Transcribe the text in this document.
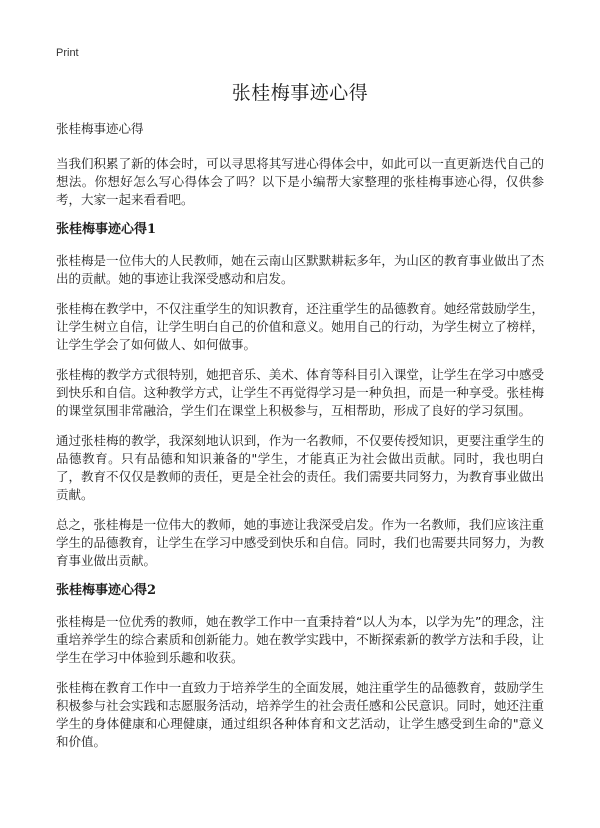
Print
张桂梅事迹心得
张桂梅事迹心得

当我们积累了新的体会时，可以寻思将其写进心得体会中，如此可以一直更新迭代自己的想法。你想好怎么写心得体会了吗？以下是小编帮大家整理的张桂梅事迹心得，仅供参考，大家一起来看看吧。

张桂梅事迹心得1

张桂梅是一位伟大的人民教师，她在云南山区默默耕耘多年，为山区的教育事业做出了杰出的贡献。她的事迹让我深受感动和启发。

张桂梅在教学中，不仅注重学生的知识教育，还注重学生的品德教育。她经常鼓励学生，让学生树立自信，让学生明白自己的价值和意义。她用自己的行动，为学生树立了榜样，让学生学会了如何做人、如何做事。

张桂梅的教学方式很特别，她把音乐、美术、体育等科目引入课堂，让学生在学习中感受到快乐和自信。这种教学方式，让学生不再觉得学习是一种负担，而是一种享受。张桂梅的课堂氛围非常融洽，学生们在课堂上积极参与，互相帮助，形成了良好的学习氛围。

通过张桂梅的教学，我深刻地认识到，作为一名教师，不仅要传授知识，更要注重学生的品德教育。只有品德和知识兼备的"学生，才能真正为社会做出贡献。同时，我也明白了，教育不仅仅是教师的责任，更是全社会的责任。我们需要共同努力，为教育事业做出贡献。

总之，张桂梅是一位伟大的教师，她的事迹让我深受启发。作为一名教师，我们应该注重学生的品德教育，让学生在学习中感受到快乐和自信。同时，我们也需要共同努力，为教育事业做出贡献。

张桂梅事迹心得2

张桂梅是一位优秀的教师，她在教学工作中一直秉持着“以人为本，以学为先”的理念，注重培养学生的综合素质和创新能力。她在教学实践中，不断探索新的教学方法和手段，让学生在学习中体验到乐趣和收获。

张桂梅在教育工作中一直致力于培养学生的全面发展，她注重学生的品德教育，鼓励学生积极参与社会实践和志愿服务活动，培养学生的社会责任感和公民意识。同时，她还注重学生的身体健康和心理健康，通过组织各种体育和文艺活动，让学生感受到生命的"意义和价值。
